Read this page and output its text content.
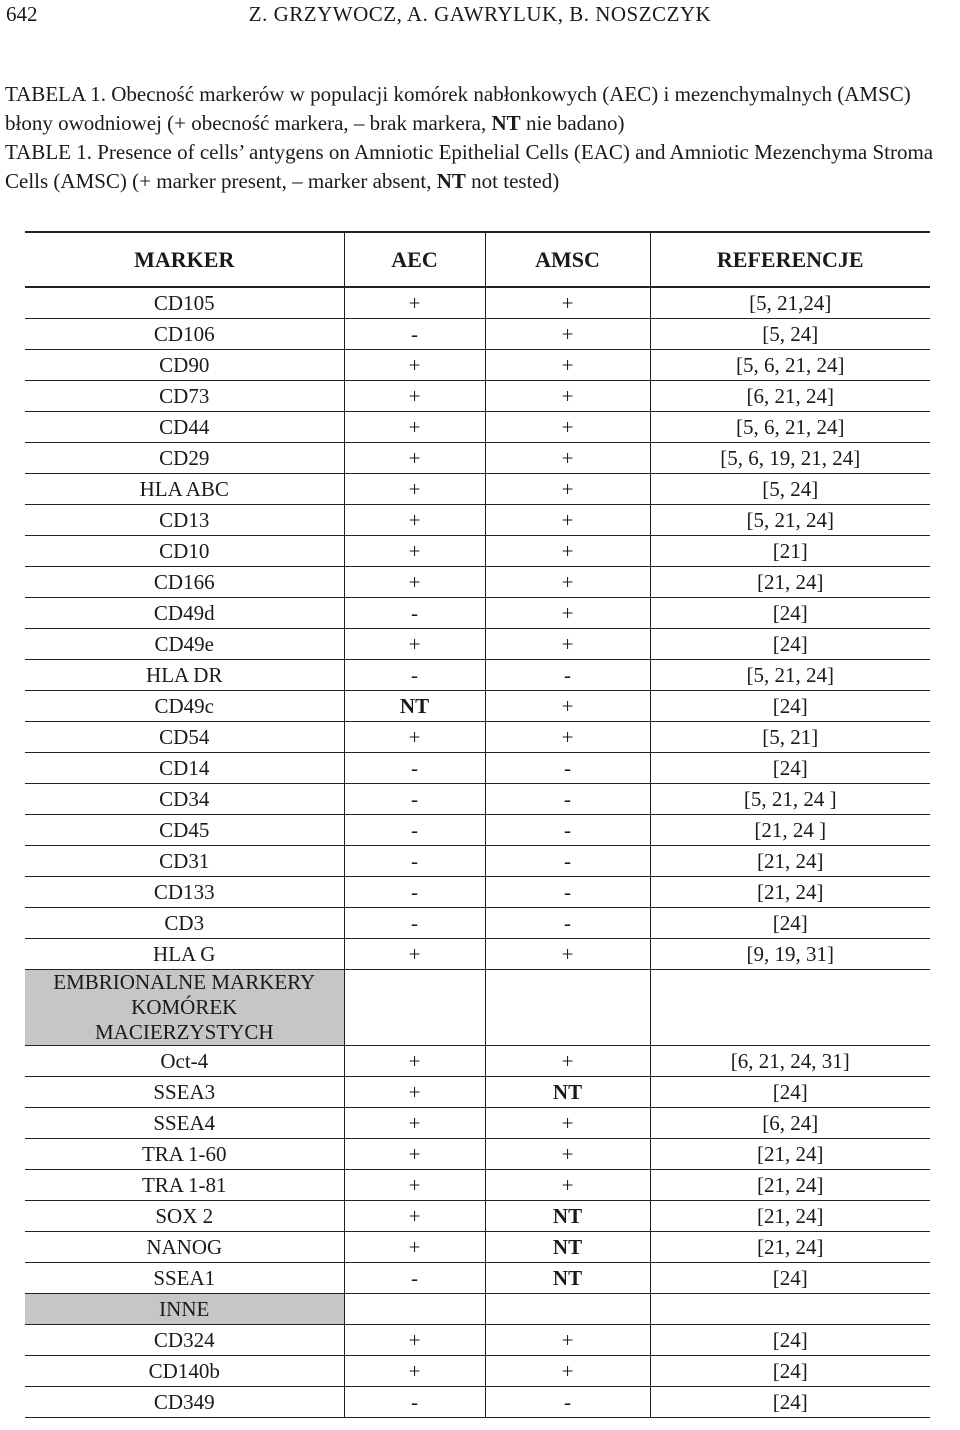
642	Z. GRZYWOCZ, A. GAWRYLUK, B. NOSZCZYK

TABELA 1. Obecność markerów w populacji komórek nabłonkowych (AEC) i mezenchymalnych (AMSC) błony owodniowej (+ obecność markera, – brak markera, NT nie badano)

TABLE 1. Presence of cells’ antygens on Amniotic Epithelial Cells (EAC) and Amniotic Mezenchyma Stroma Cells (AMSC) (+ marker present, – marker absent, NT not tested)

MARKER	AEC	AMSC	REFERENCJE
CD105	+	+	[5, 21,24]
CD106	-	+	[5, 24]
CD90	+	+	[5, 6, 21, 24]
CD73	+	+	[6, 21, 24]
CD44	+	+	[5, 6, 21, 24]
CD29	+	+	[5, 6, 19, 21, 24]
HLA ABC	+	+	[5, 24]
CD13	+	+	[5, 21, 24]
CD10	+	+	[21]
CD166	+	+	[21, 24]
CD49d	-	+	[24]
CD49e	+	+	[24]
HLA DR	-	-	[5, 21, 24]
CD49c	NT	+	[24]
CD54	+	+	[5, 21]
CD14	-	-	[24]
CD34	-	-	[5, 21, 24 ]
CD45	-	-	[21, 24 ]
CD31	-	-	[21, 24]
CD133	-	-	[21, 24]
CD3	-	-	[24]
HLA G	+	+	[9, 19, 31]
EMBRIONALNE MARKERY
KOMÓREK
MACIERZYSTYCH			
Oct-4	+	+	[6, 21, 24, 31]
SSEA3	+	NT	[24]
SSEA4	+	+	[6, 24]
TRA 1-60	+	+	[21, 24]
TRA 1-81	+	+	[21, 24]
SOX 2	+	NT	[21, 24]
NANOG	+	NT	[21, 24]
SSEA1	-	NT	[24]
INNE			
CD324	+	+	[24]
CD140b	+	+	[24]
CD349	-	-	[24]
